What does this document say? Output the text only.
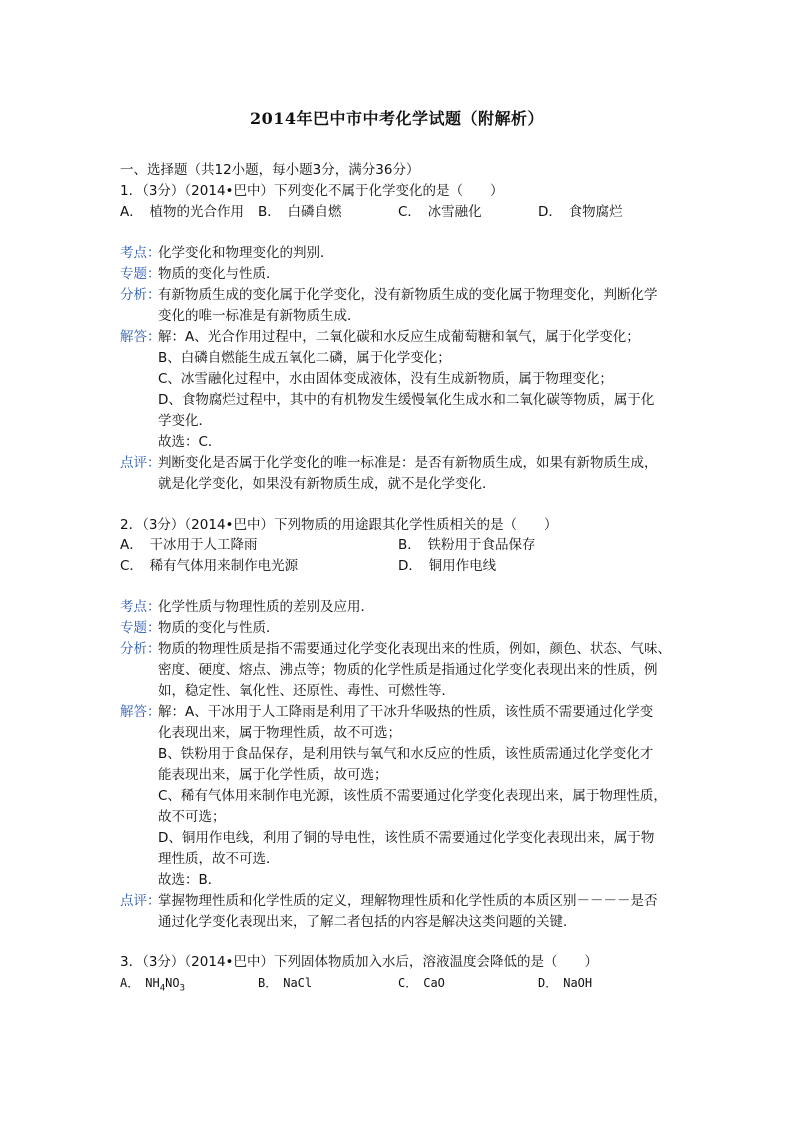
2014年巴中市中考化学试题（附解析）
一、选择题（共12小题，每小题3分，满分36分）
1．（3分）（2014•巴中）下列变化不属于化学变化的是（　　）
A．　植物的光合作用 B．　白磷自燃	C．　冰雪融化	D．　食物腐烂
考点：
化学变化和物理变化的判别．
专题：
物质的变化与性质．
分析：
有新物质生成的变化属于化学变化，没有新物质生成的变化属于物理变化，判断化学
变化的唯一标准是有新物质生成．
解答：
解：A、光合作用过程中，二氧化碳和水反应生成葡萄糖和氧气，属于化学变化；
B、白磷自燃能生成五氧化二磷，属于化学变化；
C、冰雪融化过程中，水由固体变成液体，没有生成新物质，属于物理变化；
D、食物腐烂过程中，其中的有机物发生缓慢氧化生成水和二氧化碳等物质，属于化
学变化．
故选：C．
点评：
判断变化是否属于化学变化的唯一标准是：是否有新物质生成，如果有新物质生成，
就是化学变化，如果没有新物质生成，就不是化学变化．
2．（3分）（2014•巴中）下列物质的用途跟其化学性质相关的是（　　）
A．　干冰用于人工降雨	B．　铁粉用于食品保存
C．　稀有气体用来制作电光源	D．　铜用作电线
考点：
化学性质与物理性质的差别及应用．
专题：
物质的变化与性质．
分析：
物质的物理性质是指不需要通过化学变化表现出来的性质，例如，颜色、状态、气味、
密度、硬度、熔点、沸点等；物质的化学性质是指通过化学变化表现出来的性质，例
如，稳定性、氧化性、还原性、毒性、可燃性等．
解答：
解：A、干冰用于人工降雨是利用了干冰升华吸热的性质，该性质不需要通过化学变
化表现出来，属于物理性质，故不可选；
B、铁粉用于食品保存，是利用铁与氧气和水反应的性质，该性质需通过化学变化才
能表现出来，属于化学性质，故可选；
C、稀有气体用来制作电光源，该性质不需要通过化学变化表现出来，属于物理性质，
故不可选；
D、铜用作电线，利用了铜的导电性，该性质不需要通过化学变化表现出来，属于物
理性质，故不可选．
故选：B．
点评：
掌握物理性质和化学性质的定义，理解物理性质和化学性质的本质区别－－－－是否
通过化学变化表现出来，了解二者包括的内容是解决这类问题的关键．
3．（3分）（2014•巴中）下列固体物质加入水后，溶液温度会降低的是（　　）
A．　$NH_4NO_3$	B．　NaCl	C．　CaO	D．　NaOH
